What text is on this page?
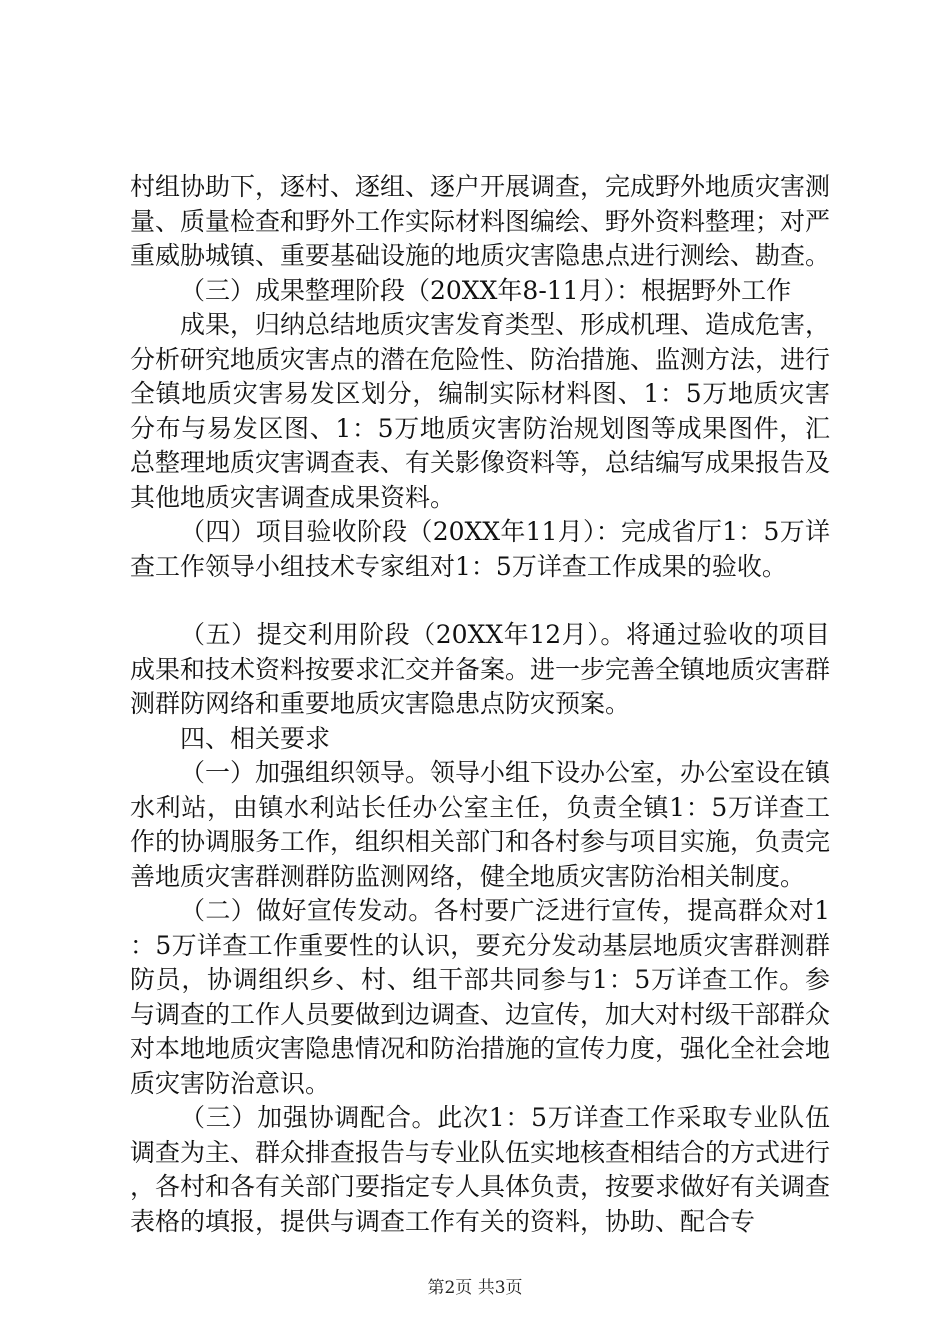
村组协助下，逐村、逐组、逐户开展调查，完成野外地质灾害测量、质量检查和野外工作实际材料图编绘、野外资料整理；对严重威胁城镇、重要基础设施的地质灾害隐患点进行测绘、勘查。

（三）成果整理阶段（20XX年8-11月）：根据野外工作

成果，归纳总结地质灾害发育类型、形成机理、造成危害，分析研究地质灾害点的潜在危险性、防治措施、监测方法，进行全镇地质灾害易发区划分，编制实际材料图、1：5万地质灾害分布与易发区图、1：5万地质灾害防治规划图等成果图件，汇总整理地质灾害调查表、有关影像资料等，总结编写成果报告及其他地质灾害调查成果资料。

（四）项目验收阶段（20XX年11月）：完成省厅1：5万详查工作领导小组技术专家组对1：5万详查工作成果的验收。

（五）提交利用阶段（20XX年12月）。将通过验收的项目成果和技术资料按要求汇交并备案。进一步完善全镇地质灾害群测群防网络和重要地质灾害隐患点防灾预案。

四、相关要求

（一）加强组织领导。领导小组下设办公室，办公室设在镇水利站，由镇水利站长任办公室主任，负责全镇1：5万详查工作的协调服务工作，组织相关部门和各村参与项目实施，负责完善地质灾害群测群防监测网络，健全地质灾害防治相关制度。

（二）做好宣传发动。各村要广泛进行宣传，提高群众对1：5万详查工作重要性的认识，要充分发动基层地质灾害群测群防员，协调组织乡、村、组干部共同参与1：5万详查工作。参与调查的工作人员要做到边调查、边宣传，加大对村级干部群众对本地地质灾害隐患情况和防治措施的宣传力度，强化全社会地质灾害防治意识。

（三）加强协调配合。此次1：5万详查工作采取专业队伍调查为主、群众排查报告与专业队伍实地核查相结合的方式进行，各村和各有关部门要指定专人具体负责，按要求做好有关调查表格的填报，提供与调查工作有关的资料，协助、配合专

第2页 共3页
